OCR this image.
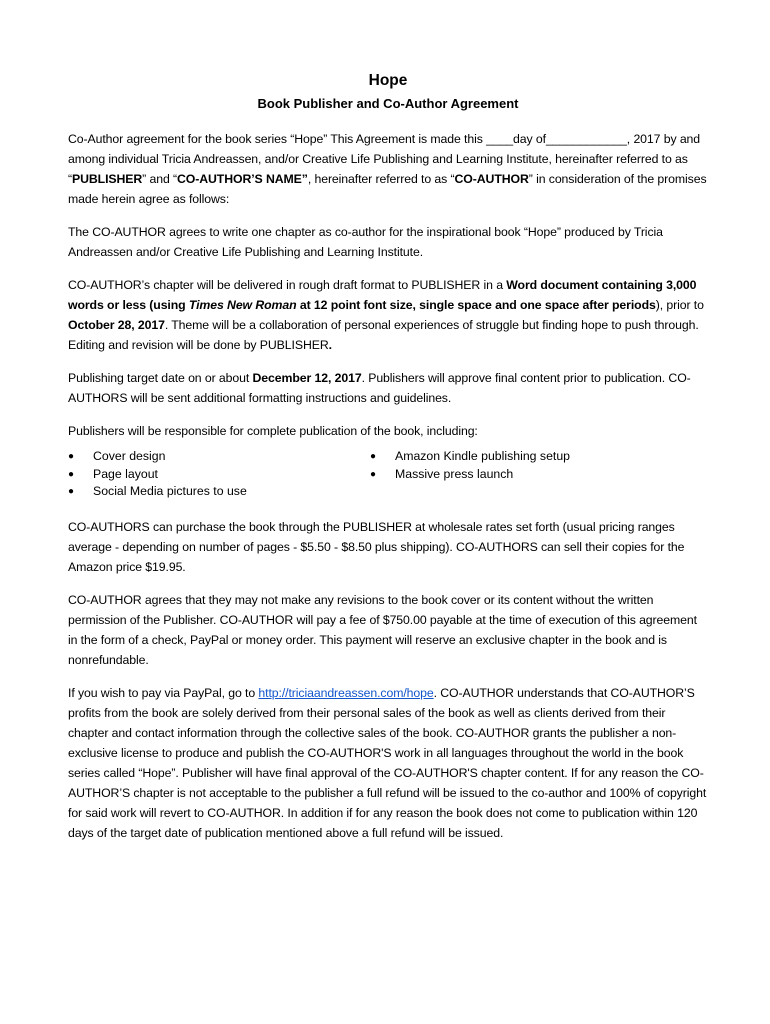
Hope
Book Publisher and Co-Author Agreement

Co-Author agreement for the book series “Hope” This Agreement is made this ____day of____________, 2017 by and among individual Tricia Andreassen, and/or Creative Life Publishing and Learning Institute, hereinafter referred to as “PUBLISHER” and “CO-AUTHOR’S NAME”, hereinafter referred to as “CO-AUTHOR” in consideration of the promises made herein agree as follows:

The CO-AUTHOR agrees to write one chapter as co-author for the inspirational book “Hope” produced by Tricia Andreassen and/or Creative Life Publishing and Learning Institute.

CO-AUTHOR’s chapter will be delivered in rough draft format to PUBLISHER in a Word document containing 3,000 words or less (using Times New Roman at 12 point font size, single space and one space after periods), prior to October 28, 2017. Theme will be a collaboration of personal experiences of struggle but finding hope to push through. Editing and revision will be done by PUBLISHER.

Publishing target date on or about December 12, 2017. Publishers will approve final content prior to publication. CO-AUTHORS will be sent additional formatting instructions and guidelines.

Publishers will be responsible for complete publication of the book, including:

● Cover design
● Page layout
● Social Media pictures to use
● Amazon Kindle publishing setup
● Massive press launch

CO-AUTHORS can purchase the book through the PUBLISHER at wholesale rates set forth (usual pricing ranges average - depending on number of pages - $5.50 - $8.50 plus shipping). CO-AUTHORS can sell their copies for the Amazon price $19.95.

CO-AUTHOR agrees that they may not make any revisions to the book cover or its content without the written permission of the Publisher. CO-AUTHOR will pay a fee of $750.00 payable at the time of execution of this agreement in the form of a check, PayPal or money order. This payment will reserve an exclusive chapter in the book and is nonrefundable.

If you wish to pay via PayPal, go to http://triciaandreassen.com/hope. CO-AUTHOR understands that CO-AUTHOR’S profits from the book are solely derived from their personal sales of the book as well as clients derived from their chapter and contact information through the collective sales of the book. CO-AUTHOR grants the publisher a non-exclusive license to produce and publish the CO-AUTHOR'S work in all languages throughout the world in the book series called “Hope”. Publisher will have final approval of the CO-AUTHOR'S chapter content. If for any reason the CO-AUTHOR’S chapter is not acceptable to the publisher a full refund will be issued to the co-author and 100% of copyright for said work will revert to CO-AUTHOR. In addition if for any reason the book does not come to publication within 120 days of the target date of publication mentioned above a full refund will be issued.
